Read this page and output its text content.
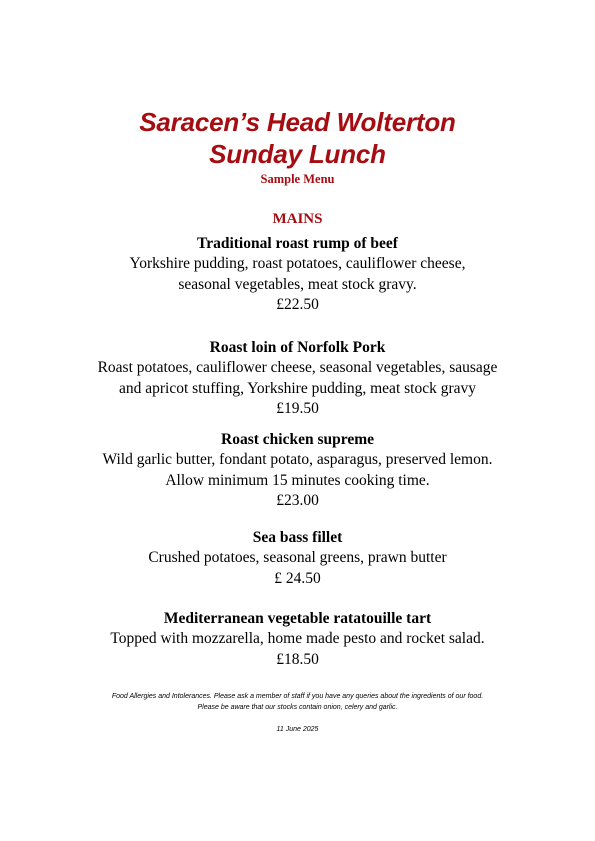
Saracen’s Head Wolterton
Sunday Lunch
Sample Menu
MAINS
Traditional roast rump of beef
Yorkshire pudding, roast potatoes, cauliflower cheese,
seasonal vegetables, meat stock gravy.
£22.50
Roast loin of Norfolk Pork
Roast potatoes, cauliflower cheese, seasonal vegetables, sausage
and apricot stuffing, Yorkshire pudding, meat stock gravy
£19.50
Roast chicken supreme
Wild garlic butter, fondant potato, asparagus, preserved lemon.
Allow minimum 15 minutes cooking time.
£23.00
Sea bass fillet
Crushed potatoes, seasonal greens, prawn butter
£ 24.50
Mediterranean vegetable ratatouille tart
Topped with mozzarella, home made pesto and rocket salad.
£18.50
Food Allergies and Intolerances. Please ask a member of staff if you have any queries about the ingredients of our food.
Please be aware that our stocks contain onion, celery and garlic.
11 June 2025
